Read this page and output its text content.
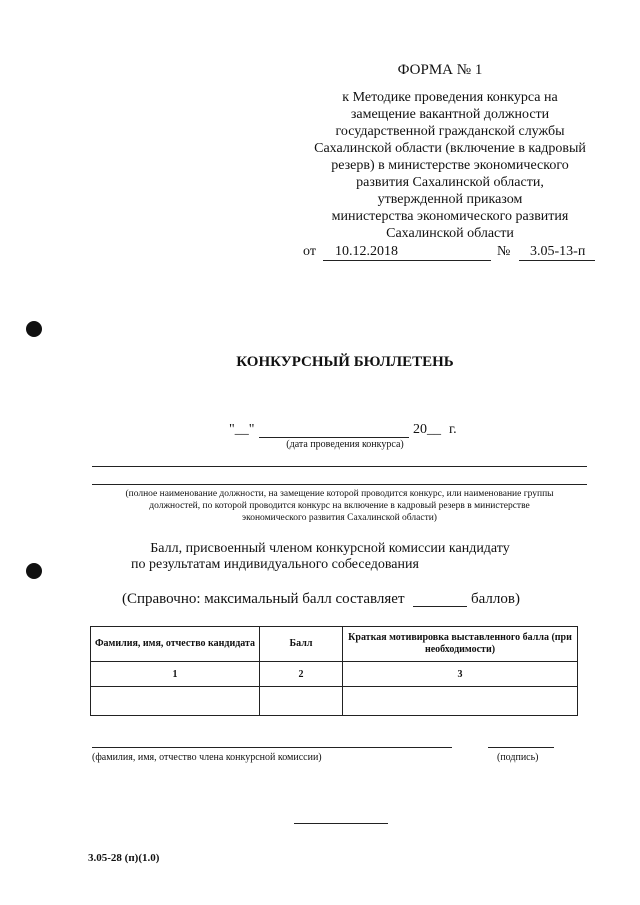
ФОРМА № 1
к Методике проведения конкурса на
замещение вакантной должности
государственной гражданской службы
Сахалинской области (включение в кадровый
резерв) в министерстве экономического
развития Сахалинской области,
утвержденной приказом
министерства экономического развития
Сахалинской области
от 10.12.2018	№ 3.05-13-п
КОНКУРСНЫЙ БЮЛЛЕТЕНЬ
"__"	20__ г.
(дата проведения конкурса)
(полное наименование должности, на замещение которой проводится конкурс, или наименование группы
должностей, по которой проводится конкурс на включение в кадровый резерв в министерстве
экономического развития Сахалинской области)
Балл, присвоенный членом конкурсной комиссии кандидату
по результатам индивидуального собеседования
(Справочно: максимальный балл составляет	баллов)
Фамилия, имя, отчество кандидата	Балл	Краткая мотивировка выставленного балла (при необходимости)
1	2	3

(фамилия, имя, отчество члена конкурсной комиссии)	(подпись)
3.05-28 (п)(1.0)
